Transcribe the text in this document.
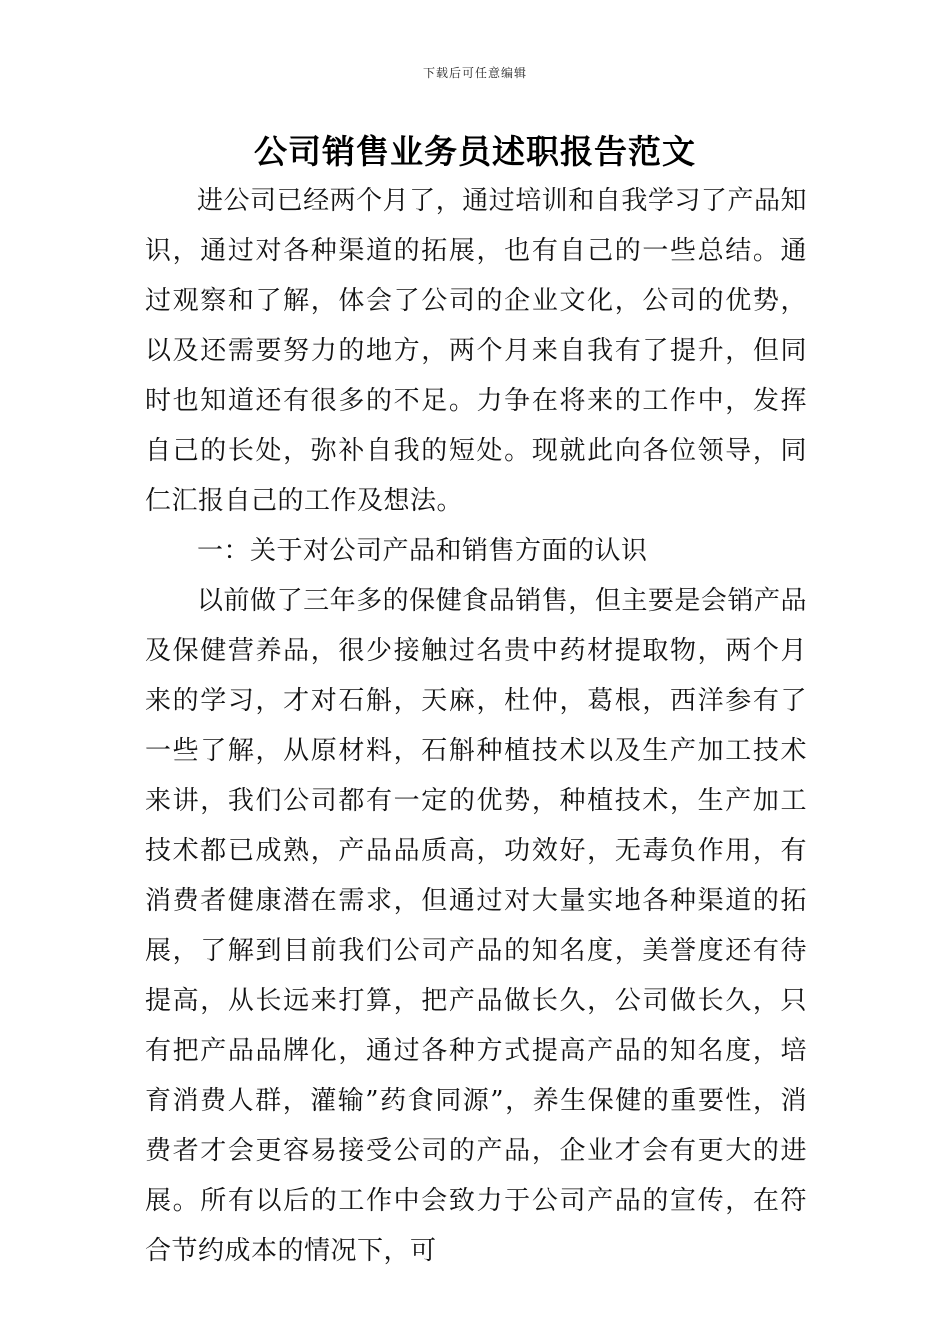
下载后可任意编辑
公司销售业务员述职报告范文

进公司已经两个月了，通过培训和自我学习了产品知识，通过对各种渠道的拓展，也有自己的一些总结。通过观察和了解，体会了公司的企业文化，公司的优势，以及还需要努力的地方，两个月来自我有了提升，但同时也知道还有很多的不足。力争在将来的工作中，发挥自己的长处，弥补自我的短处。现就此向各位领导，同仁汇报自己的工作及想法。

一：关于对公司产品和销售方面的认识

以前做了三年多的保健食品销售，但主要是会销产品及保健营养品，很少接触过名贵中药材提取物，两个月来的学习，才对石斛，天麻，杜仲，葛根，西洋参有了一些了解，从原材料，石斛种植技术以及生产加工技术来讲，我们公司都有一定的优势，种植技术，生产加工技术都已成熟，产品品质高，功效好，无毒负作用，有消费者健康潜在需求，但通过对大量实地各种渠道的拓展，了解到目前我们公司产品的知名度，美誉度还有待提高，从长远来打算，把产品做长久，公司做长久，只有把产品品牌化，通过各种方式提高产品的知名度，培育消费人群，灌输”药食同源”，养生保健的重要性，消费者才会更容易接受公司的产品，企业才会有更大的进展。所有以后的工作中会致力于公司产品的宣传，在符合节约成本的情况下，可
